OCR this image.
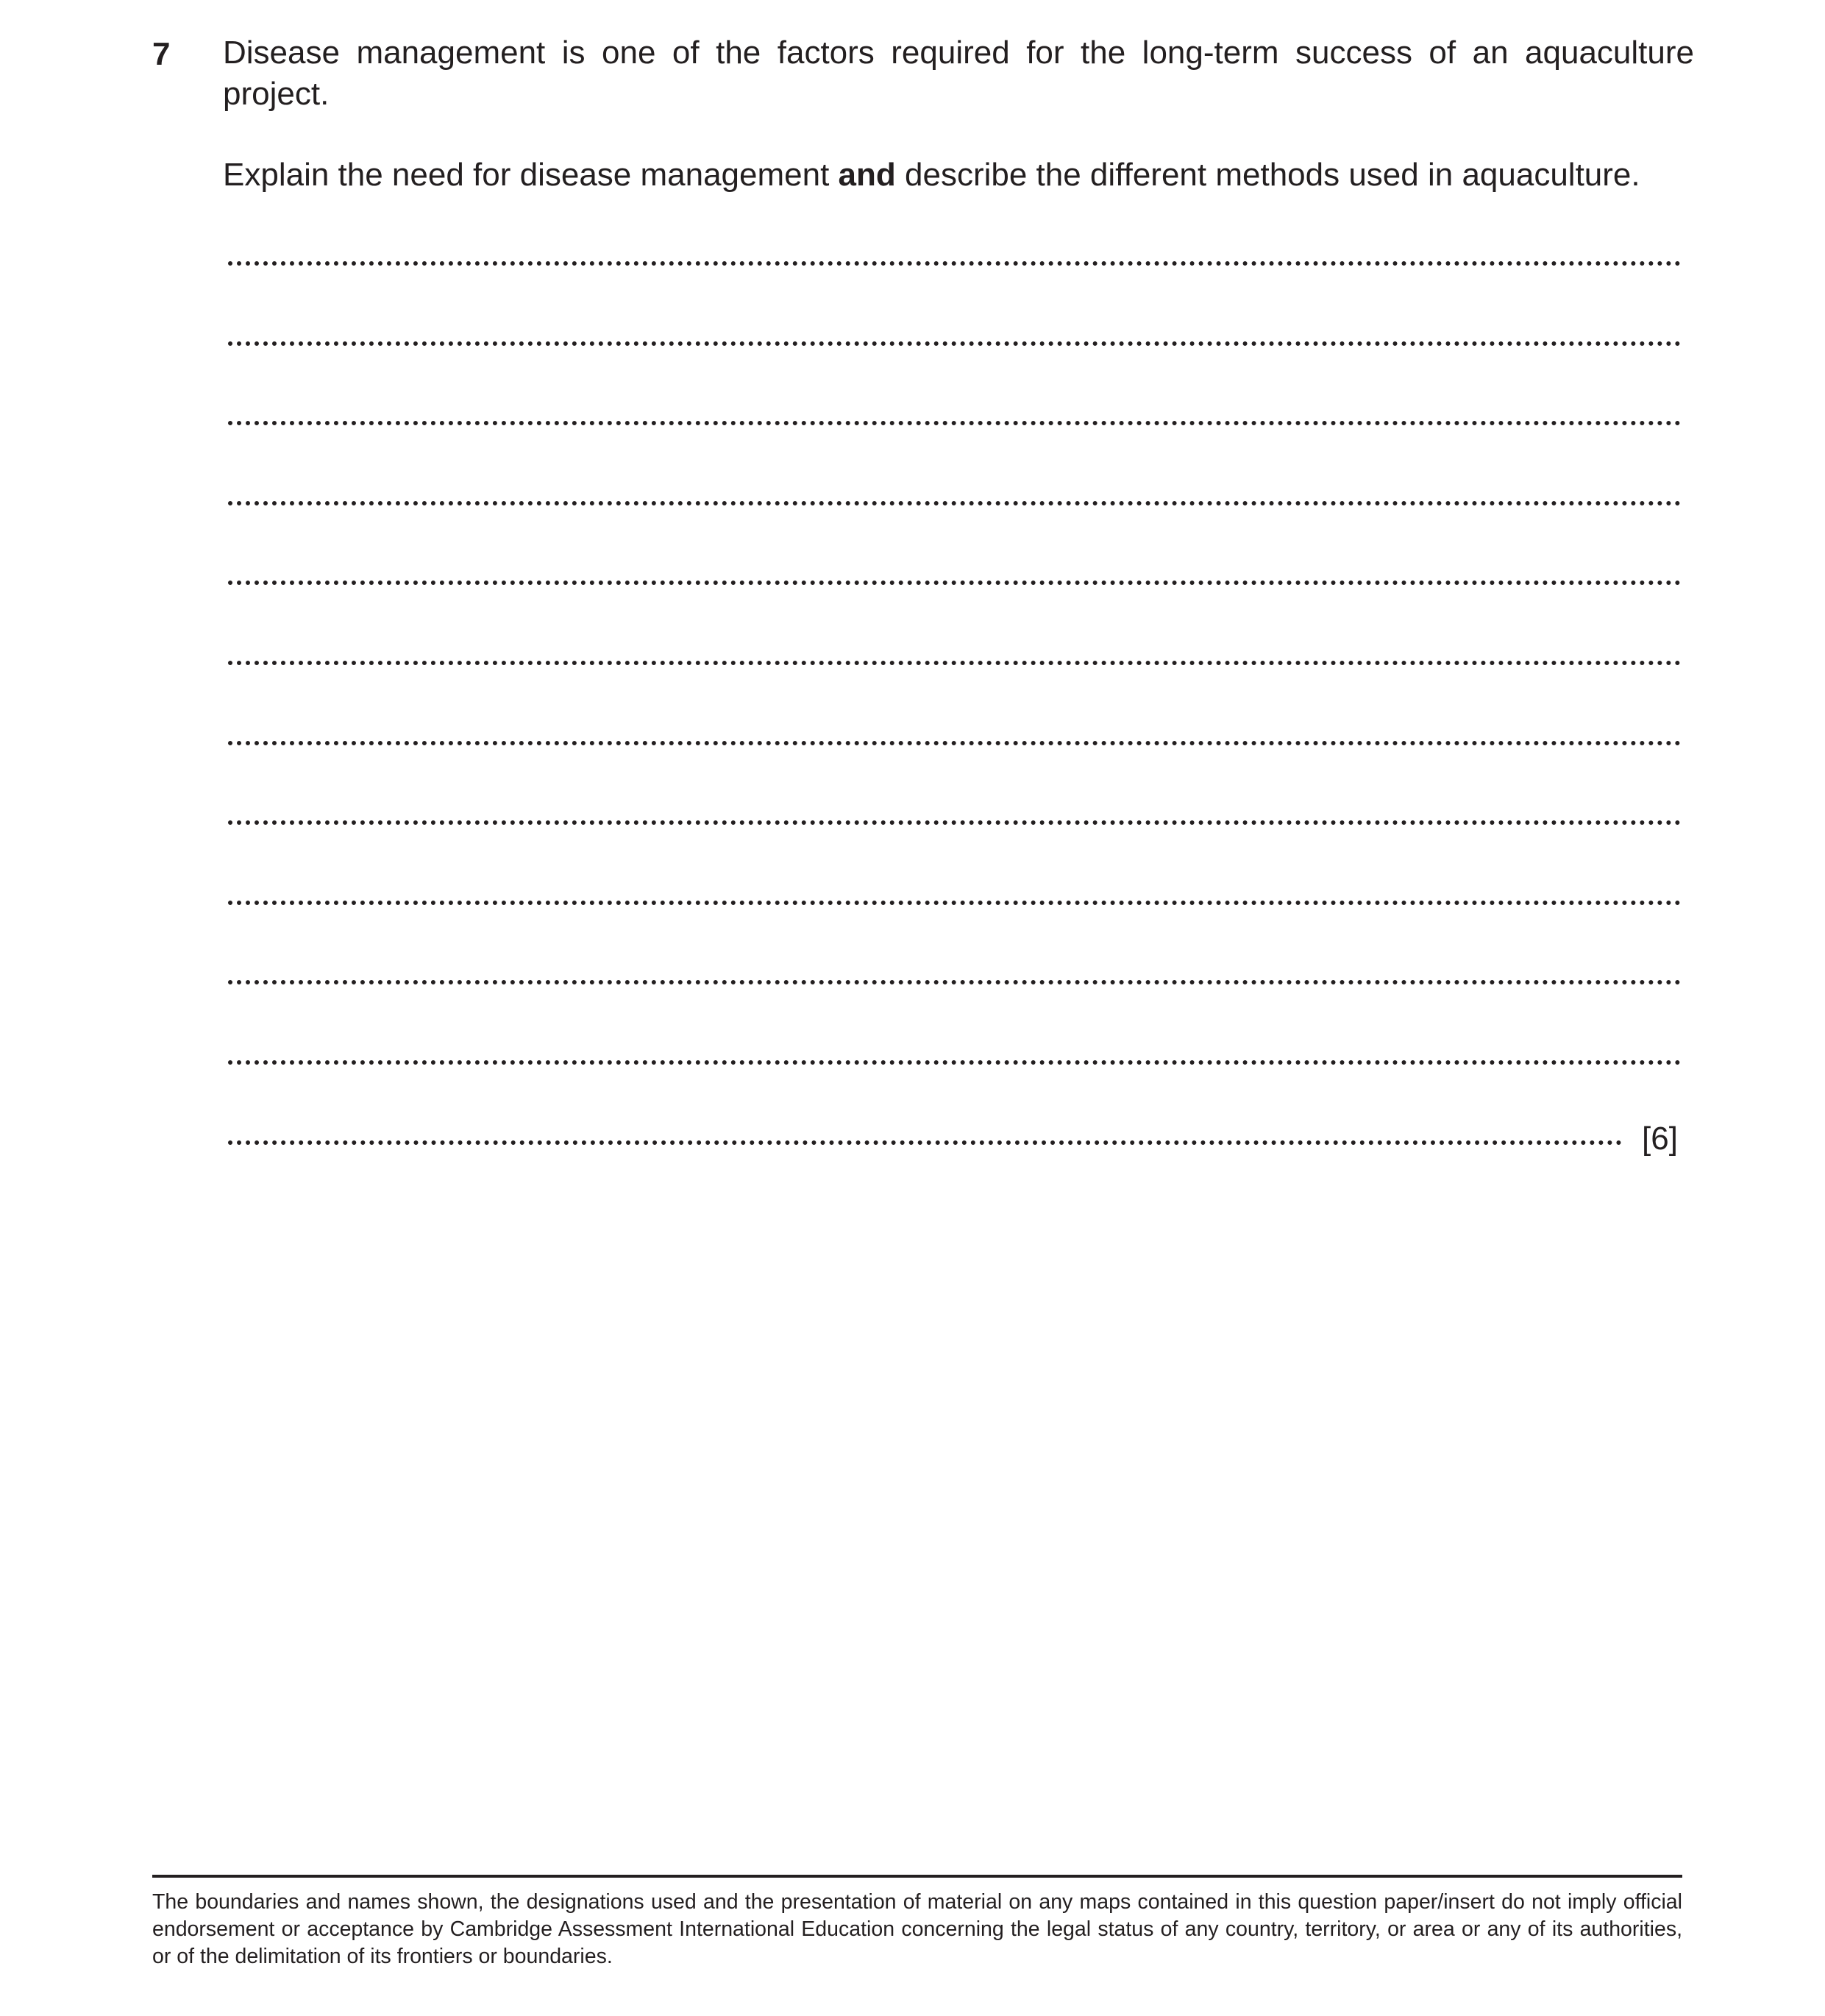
7 Disease management is one of the factors required for the long-term success of an aquaculture project.
Explain the need for disease management and describe the different methods used in aquaculture.
[6]
The boundaries and names shown, the designations used and the presentation of material on any maps contained in this question paper/insert do not imply official endorsement or acceptance by Cambridge Assessment International Education concerning the legal status of any country, territory, or area or any of its authorities, or of the delimitation of its frontiers or boundaries.
